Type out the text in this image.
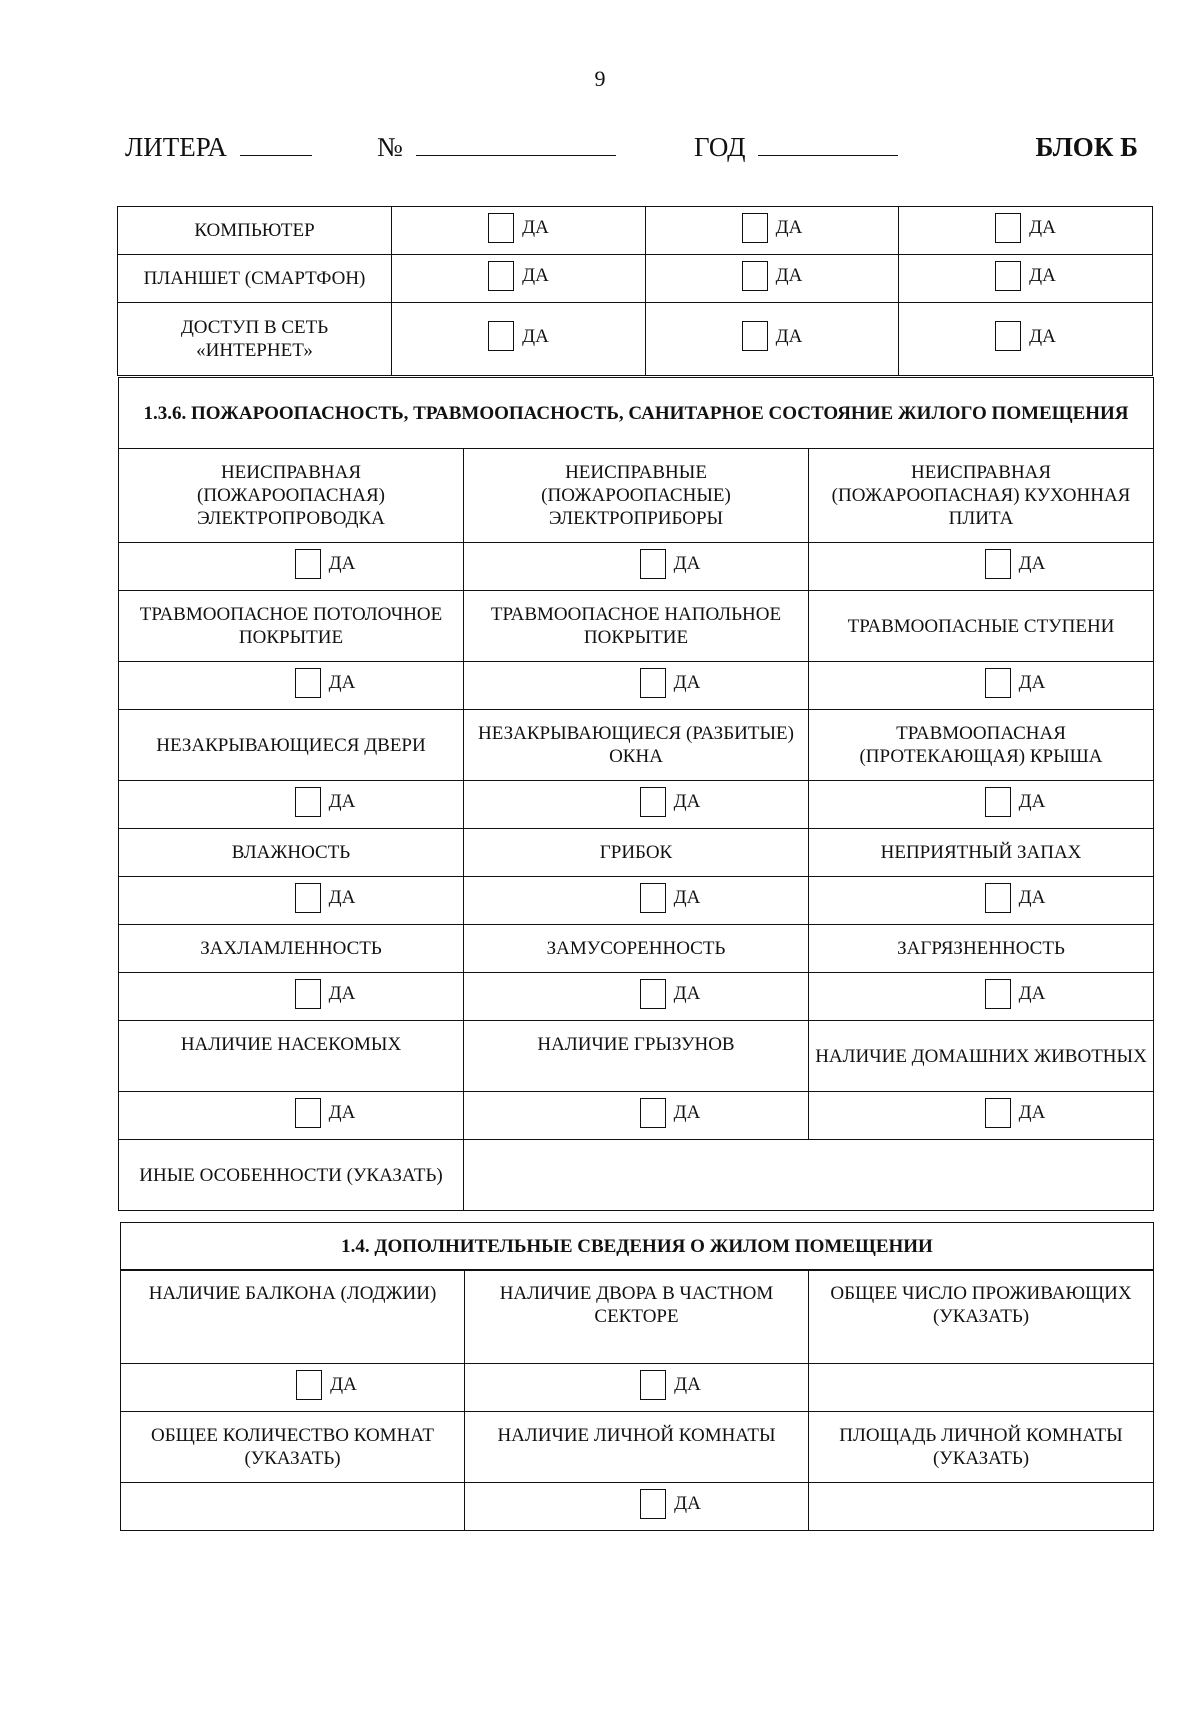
9
ЛИТЕРА	№	ГОД	БЛОК Б
КОМПЬЮТЕР	ДА	ДА	ДА

ПЛАНШЕТ (СМАРТФОН)	ДА	ДА	ДА

ДОСТУП В СЕТЬ «ИНТЕРНЕТ»	ДА	ДА	ДА
1.3.6. ПОЖАРООПАСНОСТЬ, ТРАВМООПАСНОСТЬ, САНИТАРНОЕ СОСТОЯНИЕ ЖИЛОГО ПОМЕЩЕНИЯ		
НЕИСПРАВНАЯ (ПОЖАРООПАСНАЯ) ЭЛЕКТРОПРОВОДКА	НЕИСПРАВНЫЕ (ПОЖАРООПАСНЫЕ) ЭЛЕКТРОПРИБОРЫ	НЕИСПРАВНАЯ (ПОЖАРООПАСНАЯ) КУХОННАЯ ПЛИТА

ДА	ДА	ДА

ТРАВМООПАСНОЕ ПОТОЛОЧНОЕ ПОКРЫТИЕ	ТРАВМООПАСНОЕ НАПОЛЬНОЕ ПОКРЫТИЕ	ТРАВМООПАСНЫЕ СТУПЕНИ

ДА	ДА	ДА

НЕЗАКРЫВАЮЩИЕСЯ ДВЕРИ	НЕЗАКРЫВАЮЩИЕСЯ (РАЗБИТЫЕ) ОКНА	ТРАВМООПАСНАЯ (ПРОТЕКАЮЩАЯ) КРЫША

ДА	ДА	ДА

ВЛАЖНОСТЬ	ГРИБОК	НЕПРИЯТНЫЙ ЗАПАХ

ДА	ДА	ДА

ЗАХЛАМЛЕННОСТЬ	ЗАМУСОРЕННОСТЬ	ЗАГРЯЗНЕННОСТЬ

ДА	ДА	ДА

НАЛИЧИЕ НАСЕКОМЫХ	НАЛИЧИЕ ГРЫЗУНОВ	НАЛИЧИЕ ДОМАШНИХ ЖИВОТНЫХ

ДА	ДА	ДА

ИНЫЕ ОСОБЕННОСТИ (УКАЗАТЬ)		
1.4. ДОПОЛНИТЕЛЬНЫЕ СВЕДЕНИЯ О ЖИЛОМ ПОМЕЩЕНИИ
НАЛИЧИЕ БАЛКОНА (ЛОДЖИИ)	НАЛИЧИЕ ДВОРА В ЧАСТНОМ СЕКТОРЕ	ОБЩЕЕ ЧИСЛО ПРОЖИВАЮЩИХ (УКАЗАТЬ)

ДА	ДА	

ОБЩЕЕ КОЛИЧЕСТВО КОМНАТ (УКАЗАТЬ)	НАЛИЧИЕ ЛИЧНОЙ КОМНАТЫ	ПЛОЩАДЬ ЛИЧНОЙ КОМНАТЫ (УКАЗАТЬ)

	ДА	
